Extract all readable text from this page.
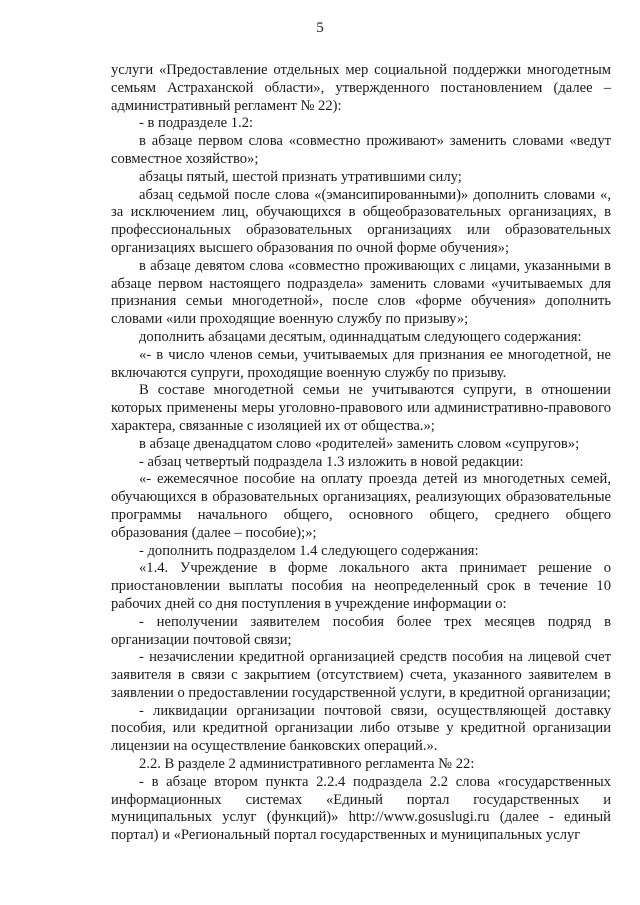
5

услуги «Предоставление отдельных мер социальной поддержки многодетным семьям Астраханской области», утвержденного постановлением (далее – административный регламент № 22):

- в подразделе 1.2:

в абзаце первом слова «совместно проживают» заменить словами «ведут совместное хозяйство»;

абзацы пятый, шестой признать утратившими силу;

абзац седьмой после слова «(эмансипированными)» дополнить словами «, за исключением лиц, обучающихся в общеобразовательных организациях, в профессиональных образовательных организациях или образовательных организациях высшего образования по очной форме обучения»;

в абзаце девятом слова «совместно проживающих с лицами, указанными в абзаце первом настоящего подраздела» заменить словами «учитываемых для признания семьи многодетной», после слов «форме обучения» дополнить словами «или проходящие военную службу по призыву»;

дополнить абзацами десятым, одиннадцатым следующего содержания:

«- в число членов семьи, учитываемых для признания ее многодетной, не включаются супруги, проходящие военную службу по призыву.

В составе многодетной семьи не учитываются супруги, в отношении которых применены меры уголовно-правового или административно-правового характера, связанные с изоляцией их от общества.»;

в абзаце двенадцатом слово «родителей» заменить словом «супругов»;

- абзац четвертый подраздела 1.3 изложить в новой редакции:

«- ежемесячное пособие на оплату проезда детей из многодетных семей, обучающихся в образовательных организациях, реализующих образовательные программы начального общего, основного общего, среднего общего образования (далее – пособие);»;

- дополнить подразделом 1.4 следующего содержания:

«1.4. Учреждение в форме локального акта принимает решение о приостановлении выплаты пособия на неопределенный срок в течение 10 рабочих дней со дня поступления в учреждение информации о:

- неполучении заявителем пособия более трех месяцев подряд в организации почтовой связи;

- незачислении кредитной организацией средств пособия на лицевой счет заявителя в связи с закрытием (отсутствием) счета, указанного заявителем в заявлении о предоставлении государственной услуги, в кредитной организации;

- ликвидации организации почтовой связи, осуществляющей доставку пособия, или кредитной организации либо отзыве у кредитной организации лицензии на осуществление банковских операций.».

2.2. В разделе 2 административного регламента № 22:

- в абзаце втором пункта 2.2.4 подраздела 2.2 слова «государственных информационных системах «Единый портал государственных и муниципальных услуг (функций)» http://www.gosuslugi.ru (далее - единый портал) и «Региональный портал государственных и муниципальных услуг
